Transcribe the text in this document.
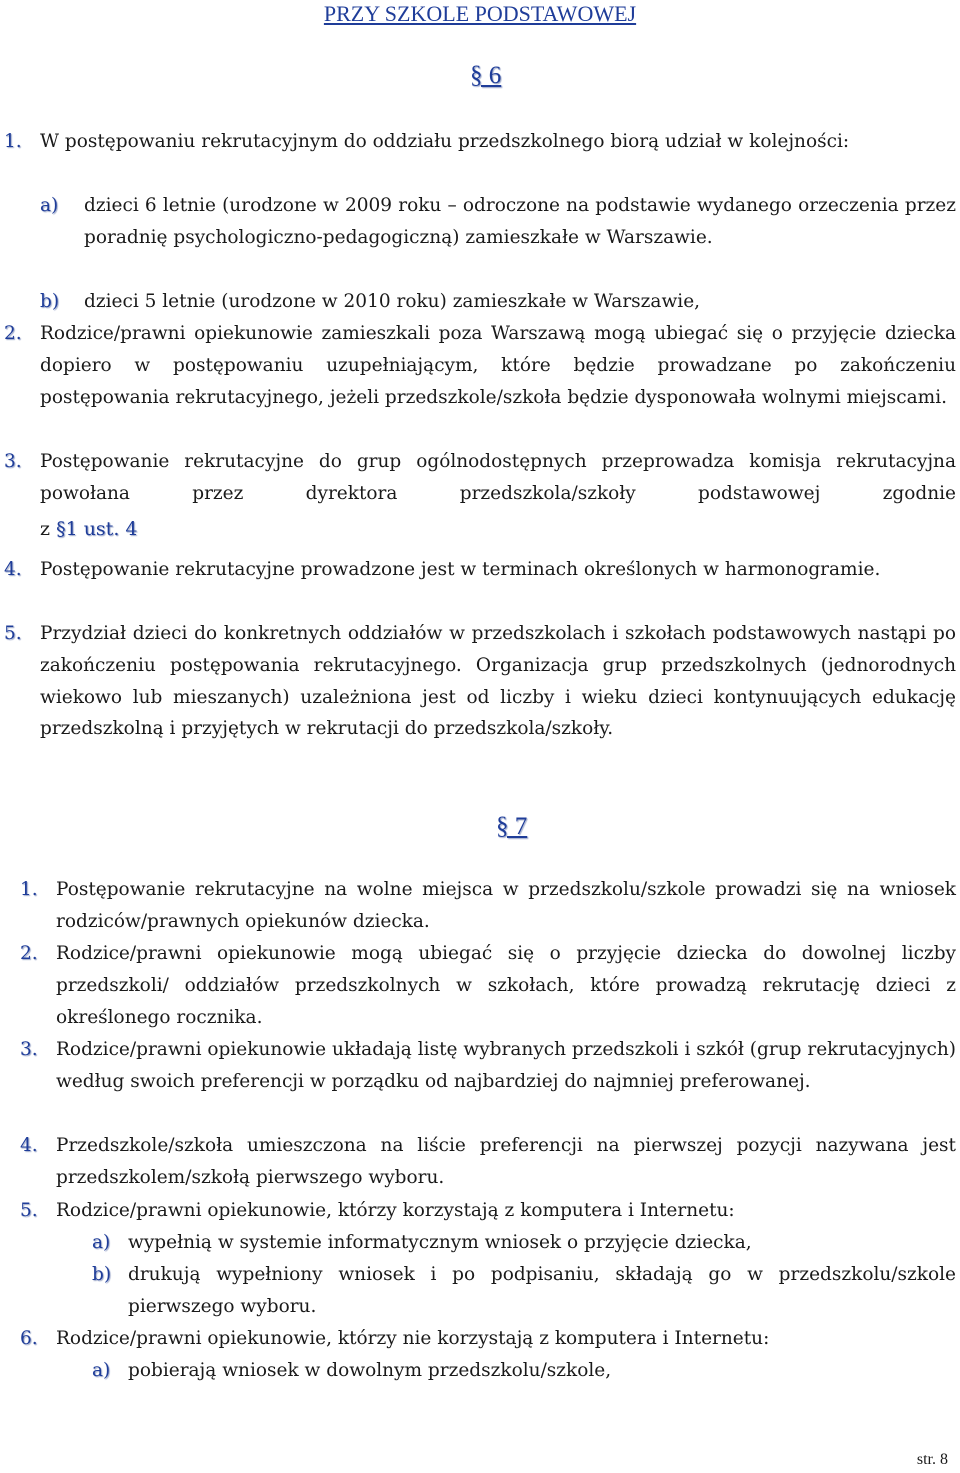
PRZY SZKOLE PODSTAWOWEJ
§ 6
1. W postępowaniu rekrutacyjnym do oddziału przedszkolnego biorą udział w kolejności:
a) dzieci 6 letnie (urodzone w 2009 roku – odroczone na podstawie wydanego orzeczenia przez poradnię psychologiczno-pedagogiczną) zamieszkałe w Warszawie.
b) dzieci 5 letnie (urodzone w 2010 roku) zamieszkałe w Warszawie,
2. Rodzice/prawni opiekunowie zamieszkali poza Warszawą mogą ubiegać się o przyjęcie dziecka dopiero w postępowaniu uzupełniającym, które będzie prowadzane po zakończeniu postępowania rekrutacyjnego, jeżeli przedszkole/szkoła będzie dysponowała wolnymi miejscami.
3. Postępowanie rekrutacyjne do grup ogólnodostępnych przeprowadza komisja rekrutacyjna powołana przez dyrektora przedszkola/szkoły podstawowej zgodnie
z §1 ust. 4
4. Postępowanie rekrutacyjne prowadzone jest w terminach określonych w harmonogramie.
5. Przydział dzieci do konkretnych oddziałów w przedszkolach i szkołach podstawowych nastąpi po zakończeniu postępowania rekrutacyjnego. Organizacja grup przedszkolnych (jednorodnych wiekowo lub mieszanych) uzależniona jest od liczby i wieku dzieci kontynuujących edukację przedszkolną i przyjętych w rekrutacji do przedszkola/szkoły.
§ 7
1. Postępowanie rekrutacyjne na wolne miejsca w przedszkolu/szkole prowadzi się na wniosek rodziców/prawnych opiekunów dziecka.
2. Rodzice/prawni opiekunowie mogą ubiegać się o przyjęcie dziecka do dowolnej liczby przedszkoli/ oddziałów przedszkolnych w szkołach, które prowadzą rekrutację dzieci z określonego rocznika.
3. Rodzice/prawni opiekunowie układają listę wybranych przedszkoli i szkół (grup rekrutacyjnych) według swoich preferencji w porządku od najbardziej do najmniej preferowanej.
4. Przedszkole/szkoła umieszczona na liście preferencji na pierwszej pozycji nazywana jest przedszkolem/szkołą pierwszego wyboru.
5. Rodzice/prawni opiekunowie, którzy korzystają z komputera i Internetu:
a) wypełnią w systemie informatycznym wniosek o przyjęcie dziecka,
b) drukują wypełniony wniosek i po podpisaniu, składają go w przedszkolu/szkole pierwszego wyboru.
6. Rodzice/prawni opiekunowie, którzy nie korzystają z komputera i Internetu:
a) pobierają wniosek w dowolnym przedszkolu/szkole,
str. 8
